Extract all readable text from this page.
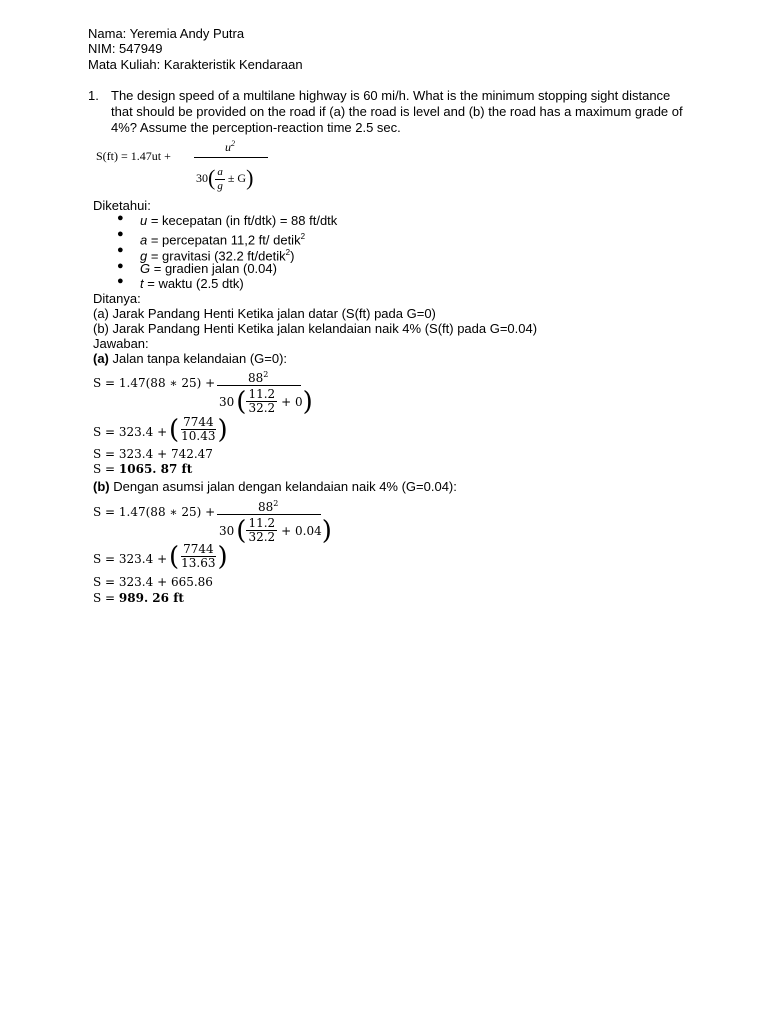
Nama: Yeremia Andy Putra
NIM: 547949
Mata Kuliah: Karakteristik Kendaraan
1. The design speed of a multilane highway is 60 mi/h. What is the minimum stopping sight distance that should be provided on the road if (a) the road is level and (b) the road has a maximum grade of 4%? Assume the perception-reaction time 2.5 sec.
S(ft) = 1.47ut +
$u^2$
$30( \frac{a}{g} \pm G)$
Diketahui:
● u = kecepatan (in ft/dtk) = 88 ft/dtk
● a = percepatan 11,2 ft/ detik$^2$
● g = gravitasi (32.2 ft/detik$^2$)
● G = gradien jalan (0.04)
● t = waktu (2.5 dtk)
Ditanya:
(a) Jarak Pandang Henti Ketika jalan datar (S(ft) pada G=0)
(b) Jarak Pandang Henti Ketika jalan kelandaian naik 4% (S(ft) pada G=0.04)
Jawaban:
(a) Jalan tanpa kelandaian (G=0):
S = 1.47(88 ∗ 25) +	$88^2$
30 ( $\frac{11.2}{32.2} + 0$ )
S = 323.4 + ( $\frac{7744}{10.43}$ )
S = 323.4 + 742.47
S = 1065. 87 ft
(b) Dengan asumsi jalan dengan kelandaian naik 4% (G=0.04):
S = 1.47(88 ∗ 25) +	$88^2$
30 ( $\frac{11.2}{32.2} + 0.04$ )
S = 323.4 + ( $\frac{7744}{13.63}$ )
S = 323.4 + 665.86
S = 989. 26 ft
